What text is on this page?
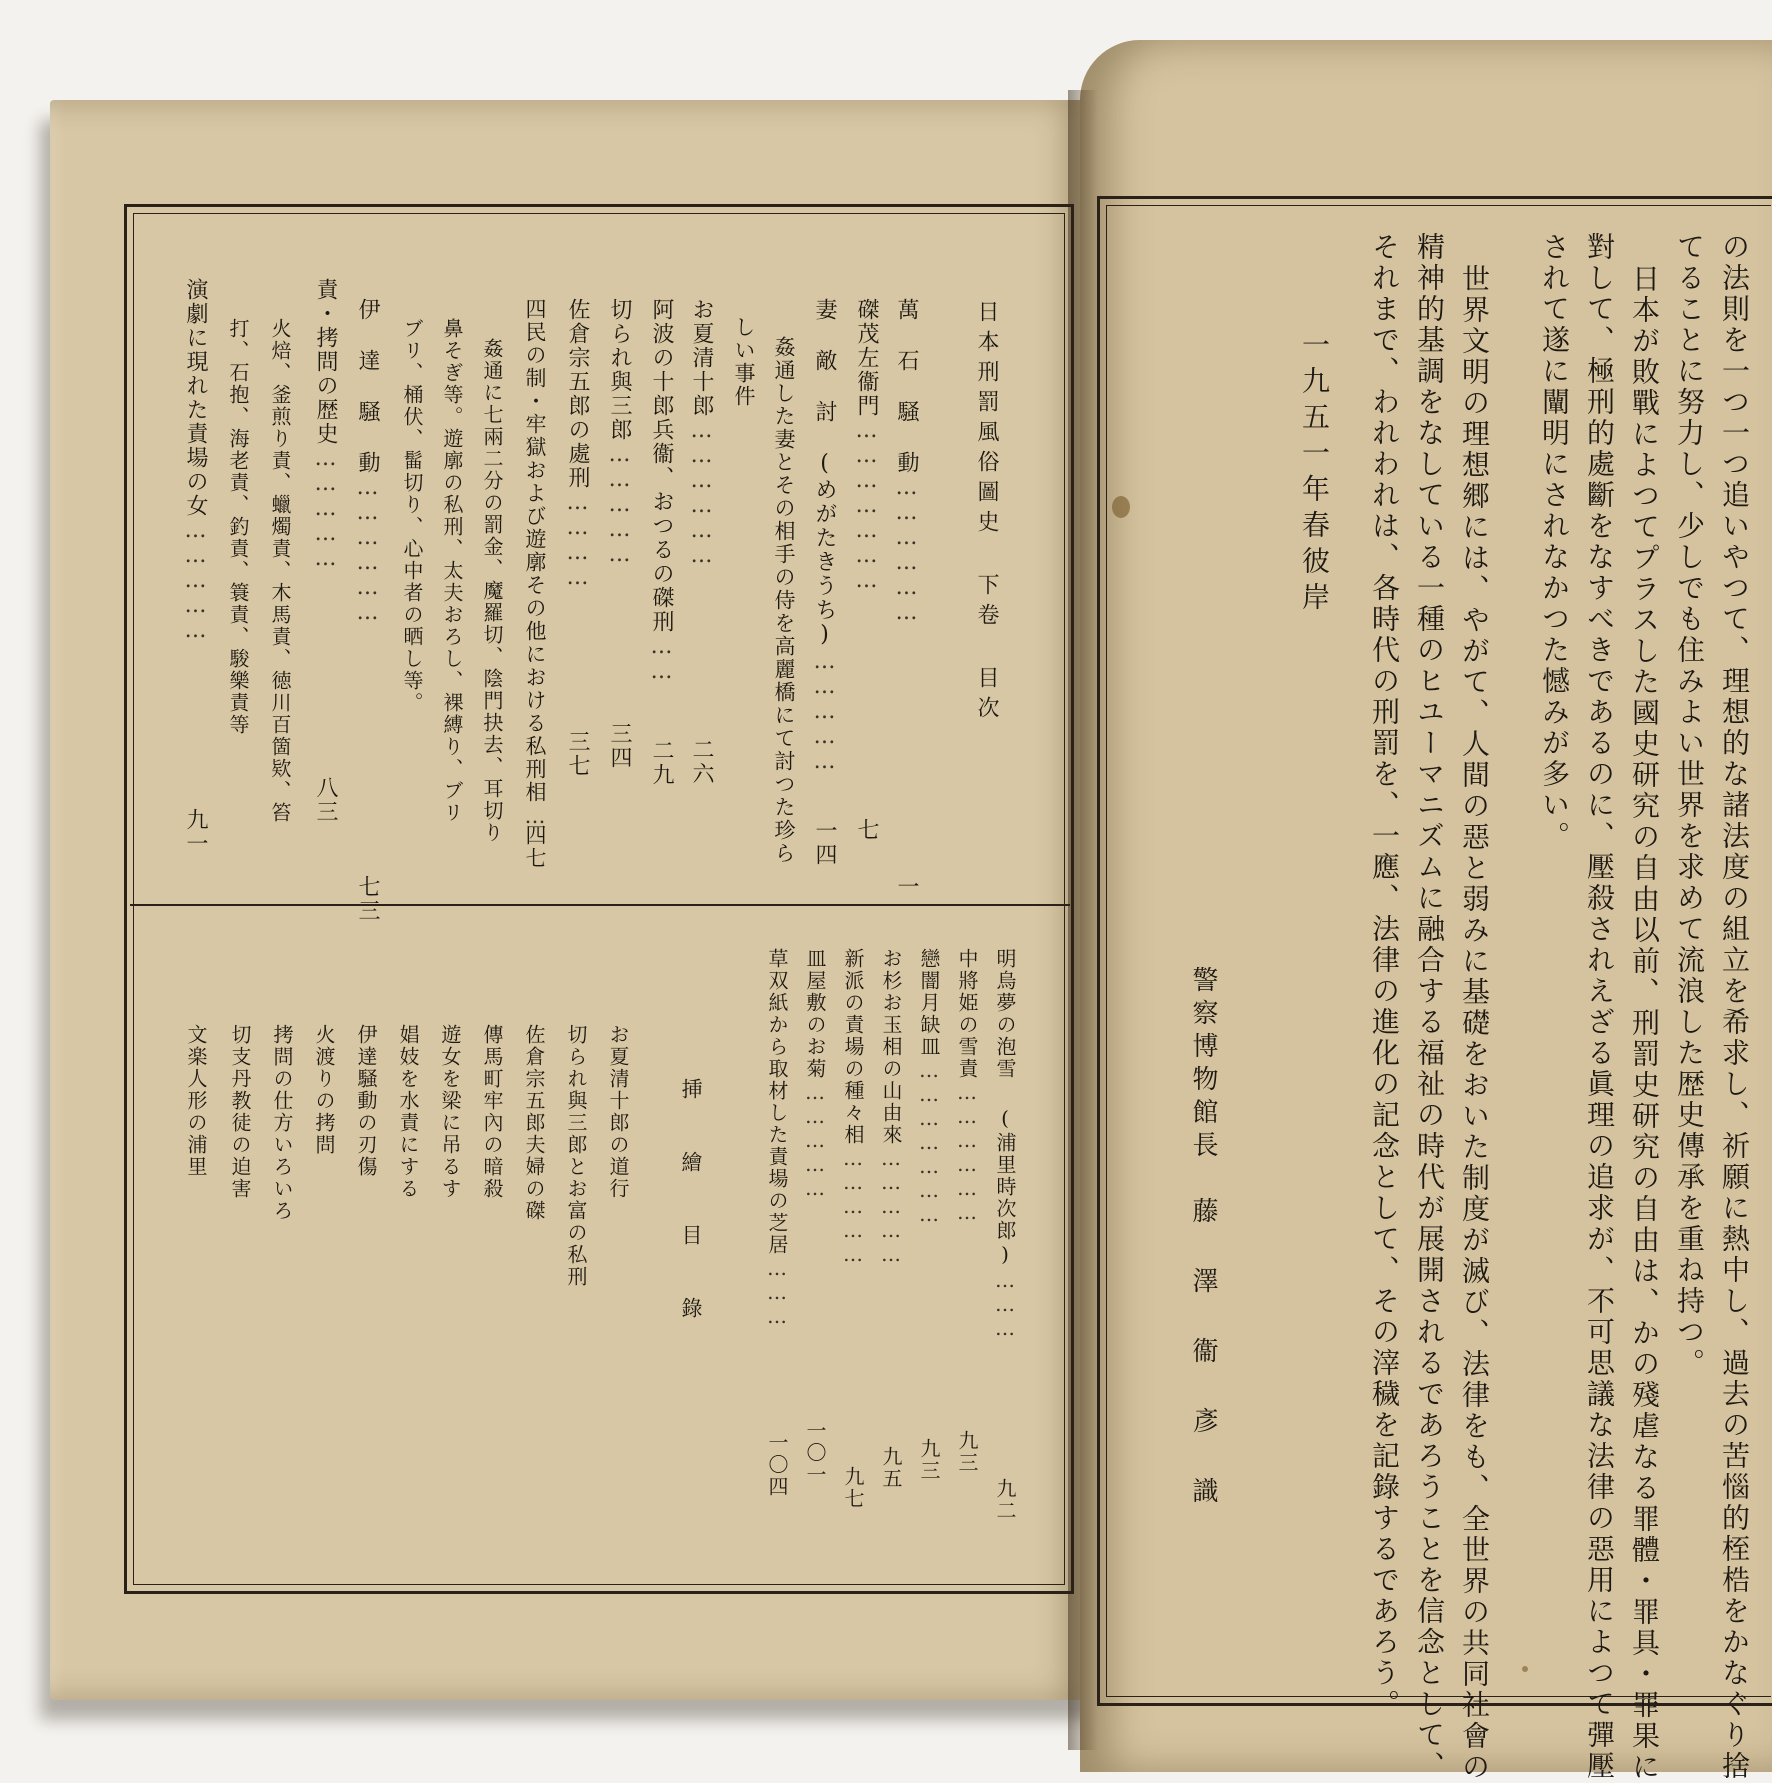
日本刑罰風俗圖史 下卷 目次
萬 石 騒 動………………一
磔茂左衞門…………………七
妻 敵 討 (めがたきうち)……………一四
姦通した妻とその相手の侍を高麗橋にて討つた珍ら
しい事件
お夏清十郎………………二六
阿波の十郎兵衞、おつるの磔刑……二九
切られ與三郎……………三四
佐倉宗五郎の處刑…………三七
四民の制・牢獄および遊廓その他における私刑相…四七
姦通に七兩二分の罰金、魔羅切、陰門抉去、耳切り
鼻そぎ等。遊廓の私刑、太夫おろし、裸縛り、ブリ
ブリ、桶伏、髷切り、心中者の晒し等。
伊 達 騒 動………………七三
責・拷問の歴史……………八三
火焙、釜煎り責、蠟燭責、木馬責、徳川百箇欵、笞
打、石抱、海老責、釣責、簑責、駿樂責等
演劇に現れた責場の女……………九一
明烏夢の泡雪 (浦里時次郎)………九二
中將姫の雪責………………九三
戀闇月缺皿…………………九三
お杉お玉相の山由來……………九五
新派の責場の種々相……………九七
皿屋敷のお菊……………一〇一
草双紙から取材した責場の芝居………一〇四
挿 繪 目 錄
お夏清十郎の道行
切られ與三郎とお富の私刑
佐倉宗五郎夫婦の磔
傳馬町牢內の暗殺
遊女を梁に吊るす
娼妓を水責にする
伊達騒動の刃傷
火渡りの拷問
拷問の仕方いろいろ
切支丹教徒の迫害
文楽人形の浦里	の法則を一つ一つ追いやつて、理想的な諸法度の組立を希求し、祈願に熱中し、過去の苦惱的桎梏をかなぐり捨
てることに努力し、少しでも住みよい世界を求めて流浪した歴史傳承を重ね持つ。
日本が敗戰によつてプラスした國史研究の自由以前、刑罰史研究の自由は、かの殘虐なる罪體・罪具・罪果に
對して、極刑的處斷をなすべきであるのに、壓殺されえざる眞理の追求が、不可思議な法律の惡用によつて彈壓
されて遂に闡明にされなかつた憾みが多い。
世界文明の理想郷には、やがて、人間の惡と弱みに基礎をおいた制度が滅び、法律をも、全世界の共同社會の
精神的基調をなしている一種のヒユーマニズムに融合する福祉の時代が展開されるであろうことを信念として、
それまで、われわれは、各時代の刑罰を、一應、法律の進化の記念として、その滓穢を記錄するであろう。
一九五一年春彼岸
警察博物館長　藤 澤 衞 彥 識
